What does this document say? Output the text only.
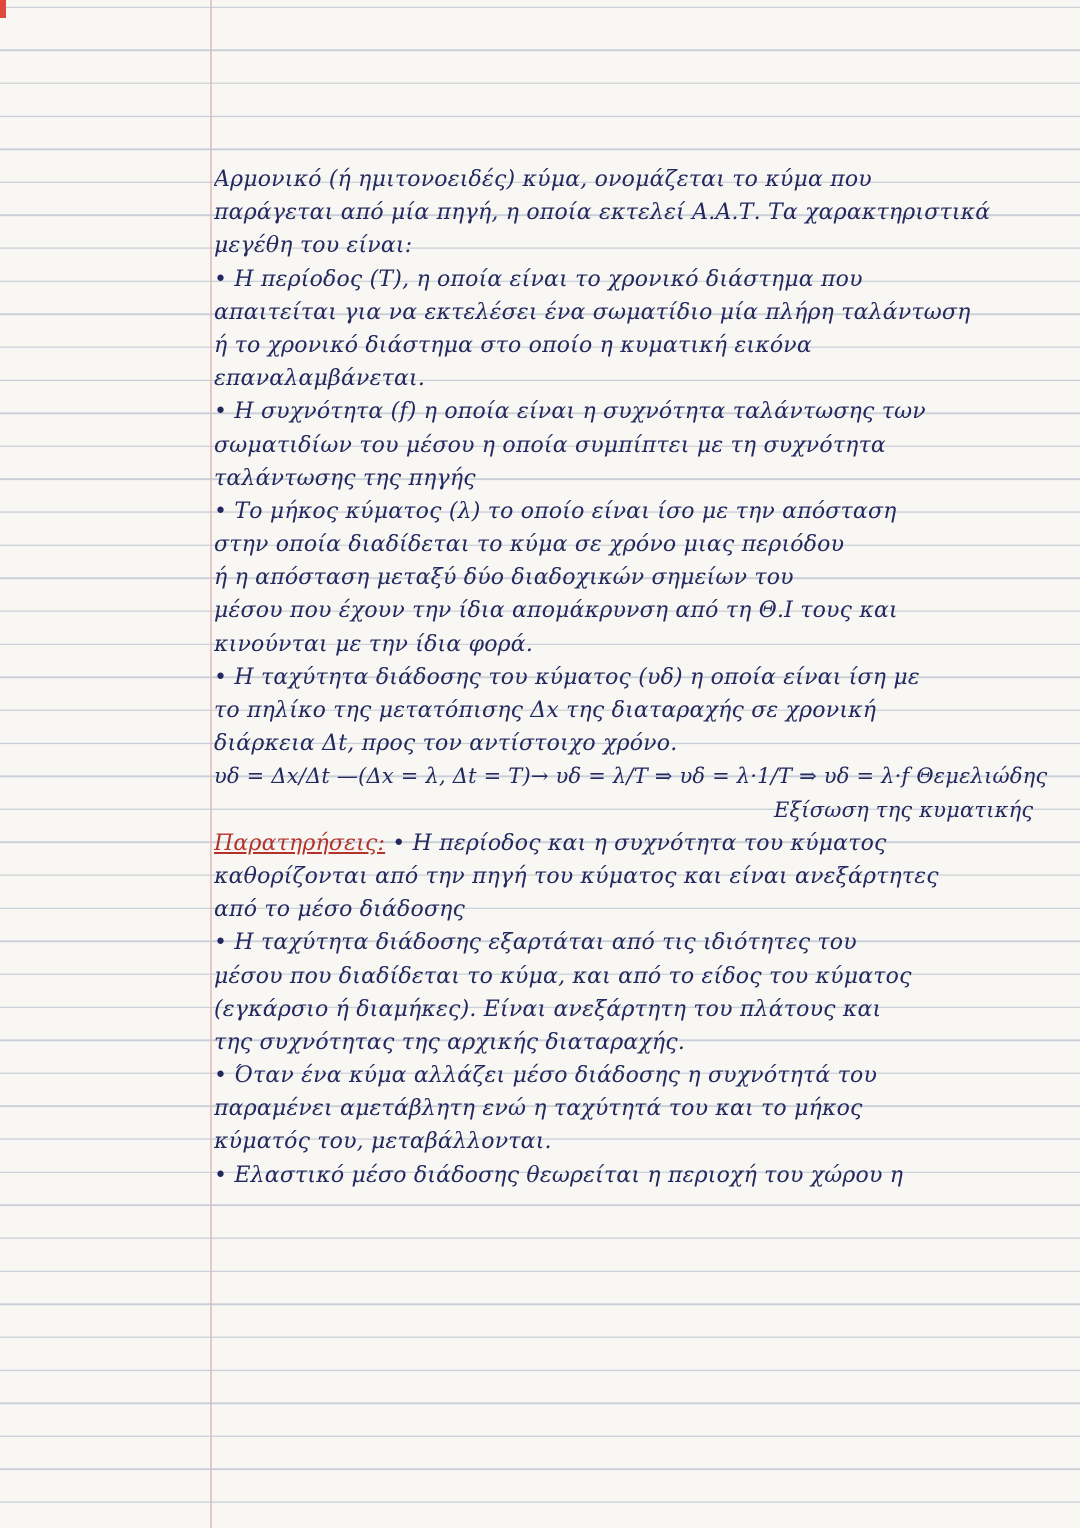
Αρμονικό (ή ημιτονοειδές) κύμα, ονομάζεται το κύμα που
παράγεται από μία πηγή, η οποία εκτελεί Α.Α.Τ. Τα χαρακτηριστικά
μεγέθη του είναι:
• Η περίοδος (Τ), η οποία είναι το χρονικό διάστημα που
απαιτείται για να εκτελέσει ένα σωματίδιο μία πλήρη ταλάντωση
ή το χρονικό διάστημα στο οποίο η κυματική εικόνα
επαναλαμβάνεται.
• Η συχνότητα (f) η οποία είναι η συχνότητα ταλάντωσης των
σωματιδίων του μέσου η οποία συμπίπτει με τη συχνότητα
ταλάντωσης της πηγής
• Το μήκος κύματος (λ) το οποίο είναι ίσο με την απόσταση
στην οποία διαδίδεται το κύμα σε χρόνο μιας περιόδου
ή η απόσταση μεταξύ δύο διαδοχικών σημείων του
μέσου που έχουν την ίδια απομάκρυνση από τη Θ.Ι τους και
κινούνται με την ίδια φορά.
• Η ταχύτητα διάδοσης του κύματος (υδ) η οποία είναι ίση με
το πηλίκο της μετατόπισης Δx της διαταραχής σε χρονική
διάρκεια Δt, προς τον αντίστοιχο χρόνο.
υδ = Δx/Δt —(Δx = λ, Δt = T)→ υδ = λ/T ⇒ υδ = λ·1/T ⇒ υδ = λ·f Θεμελιώδης
Εξίσωση της κυματικής
Παρατηρήσεις: • Η περίοδος και η συχνότητα του κύματος
καθορίζονται από την πηγή του κύματος και είναι ανεξάρτητες
από το μέσο διάδοσης
• Η ταχύτητα διάδοσης εξαρτάται από τις ιδιότητες του
μέσου που διαδίδεται το κύμα, και από το είδος του κύματος
(εγκάρσιο ή διαμήκες). Είναι ανεξάρτητη του πλάτους και
της συχνότητας της αρχικής διαταραχής.
• Όταν ένα κύμα αλλάζει μέσο διάδοσης η συχνότητά του
παραμένει αμετάβλητη ενώ η ταχύτητά του και το μήκος
κύματός του, μεταβάλλονται.
• Ελαστικό μέσο διάδοσης θεωρείται η περιοχή του χώρου η
